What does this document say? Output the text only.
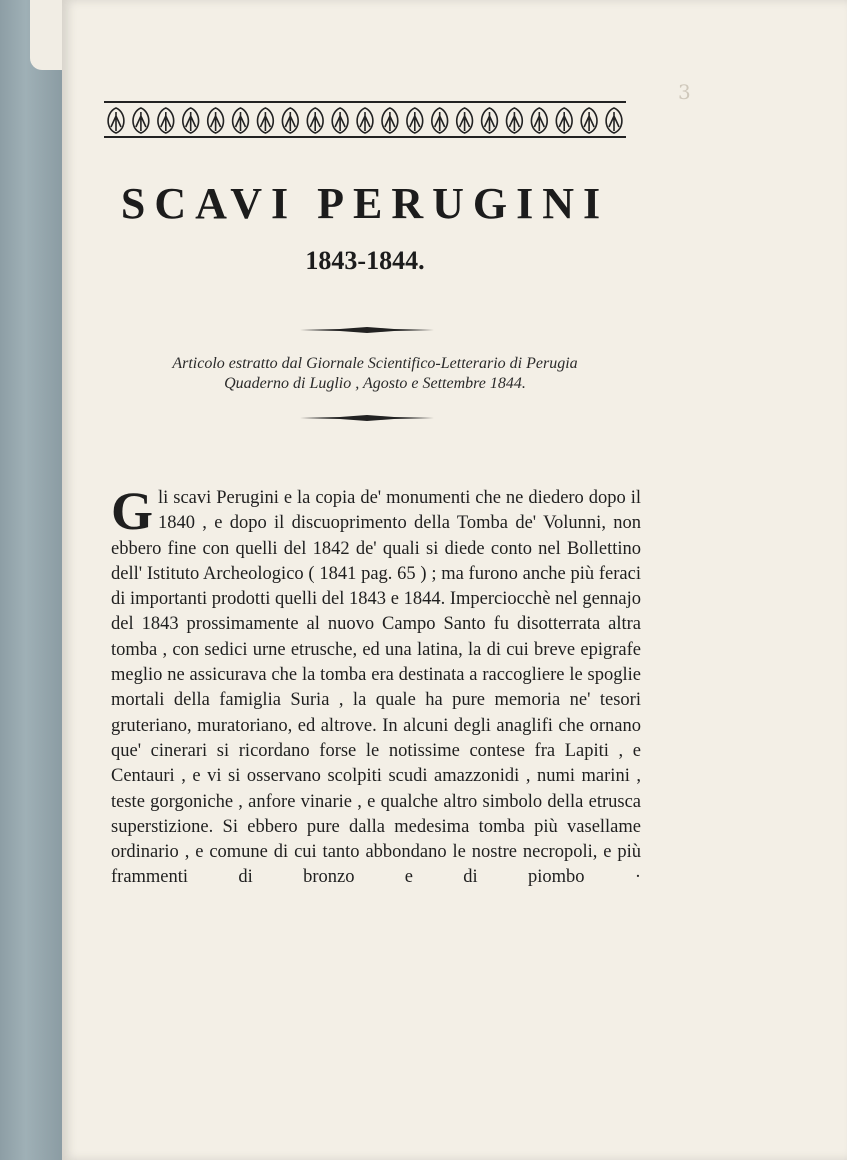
3

SCAVI PERUGINI
1843-1844.
Articolo estratto dal Giornale Scientifico-Letterario di Perugia
Quaderno di Luglio , Agosto e Settembre 1844.

Gli scavi Perugini e la copia de' monumenti che ne diedero dopo il 1840 , e dopo il discuoprimento della Tomba de' Volunni, non ebbero fine con quelli del 1842 de' quali si diede conto nel Bollettino dell' Istituto Archeologico ( 1841 pag. 65 ) ; ma furono anche più feraci di importanti prodotti quelli del 1843 e 1844. Imperciocchè nel gennajo del 1843 prossimamente al nuovo Campo Santo fu disotterrata altra tomba , con sedici urne etrusche, ed una latina, la di cui breve epigrafe meglio ne assicurava che la tomba era destinata a raccogliere le spoglie mortali della famiglia Suria , la quale ha pure memoria ne' tesori gruteriano, muratoriano, ed altrove. In alcuni degli anaglifi che ornano que' cinerari si ricordano forse le notissime contese fra Lapiti , e Centauri , e vi si osservano scolpiti scudi amazzonidi , numi marini , teste gorgoniche , anfore vinarie , e qualche altro simbolo della etrusca superstizione. Si ebbero pure dalla medesima tomba più vasellame ordinario , e comune di cui tanto abbondano le nostre necropoli, e più frammenti di bronzo e di piombo ·
